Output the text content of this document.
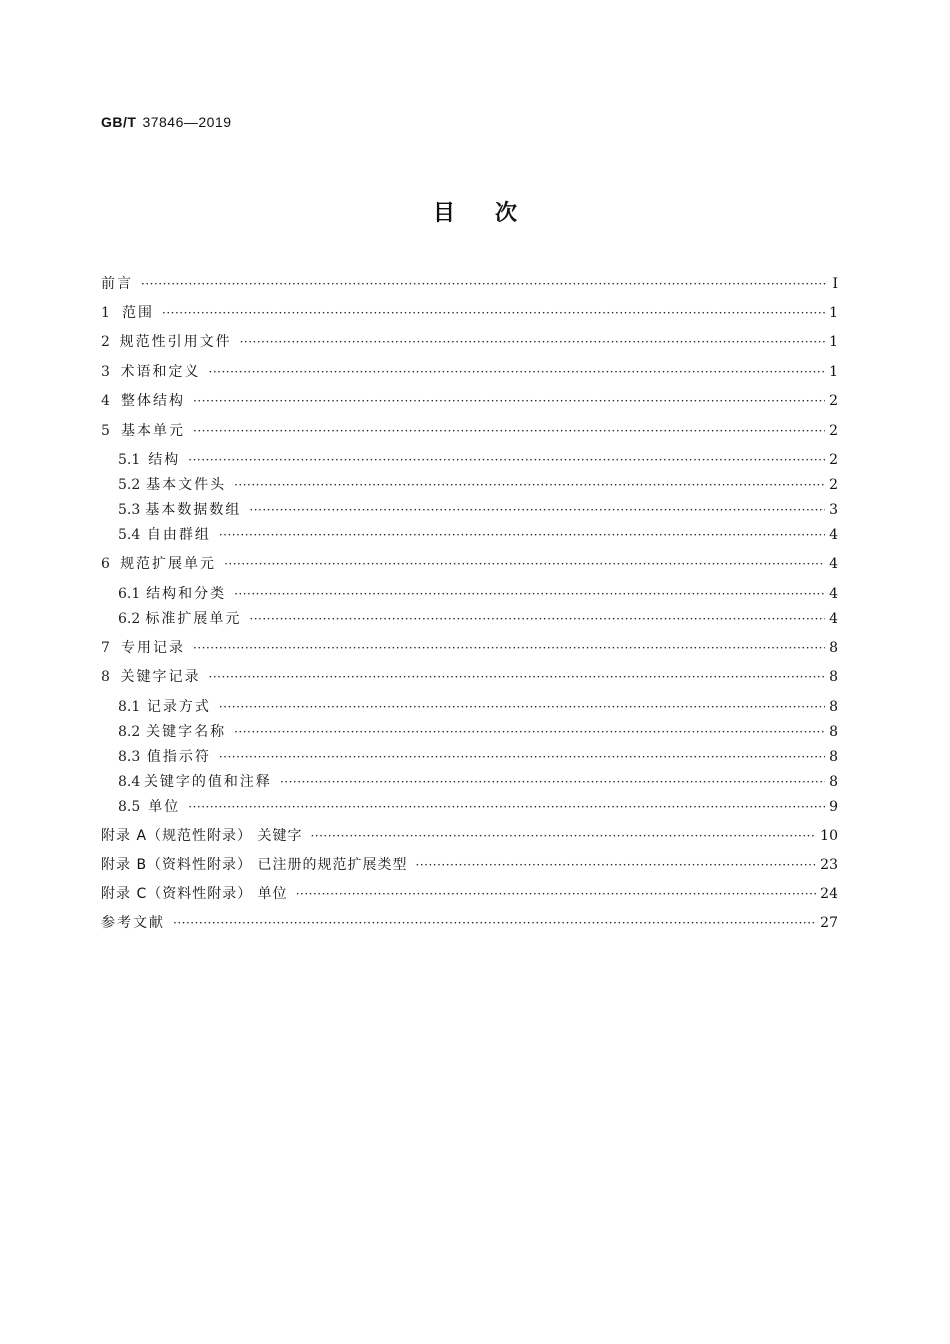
GB/T 37846—2019
目次
前言 ·····	Ⅰ
1 范围 ·····	1
2 规范性引用文件 ·····	1
3 术语和定义 ·····	1
4 整体结构 ·····	2
5 基本单元 ·····	2
5.1 结构 ·····	2
5.2 基本文件头 ·····	2
5.3 基本数据数组 ·····	3
5.4 自由群组 ·····	4
6 规范扩展单元 ·····	4
6.1 结构和分类 ·····	4
6.2 标准扩展单元 ·····	4
7 专用记录 ·····	8
8 关键字记录 ·····	8
8.1 记录方式 ·····	8
8.2 关键字名称 ·····	8
8.3 值指示符 ·····	8
8.4 关键字的值和注释 ·····	8
8.5 单位 ·····	9
附录 A（规范性附录） 关键字 ·····	10
附录 B（资料性附录） 已注册的规范扩展类型 ·····	23
附录 C（资料性附录） 单位 ·····	24
参考文献 ·····	27
